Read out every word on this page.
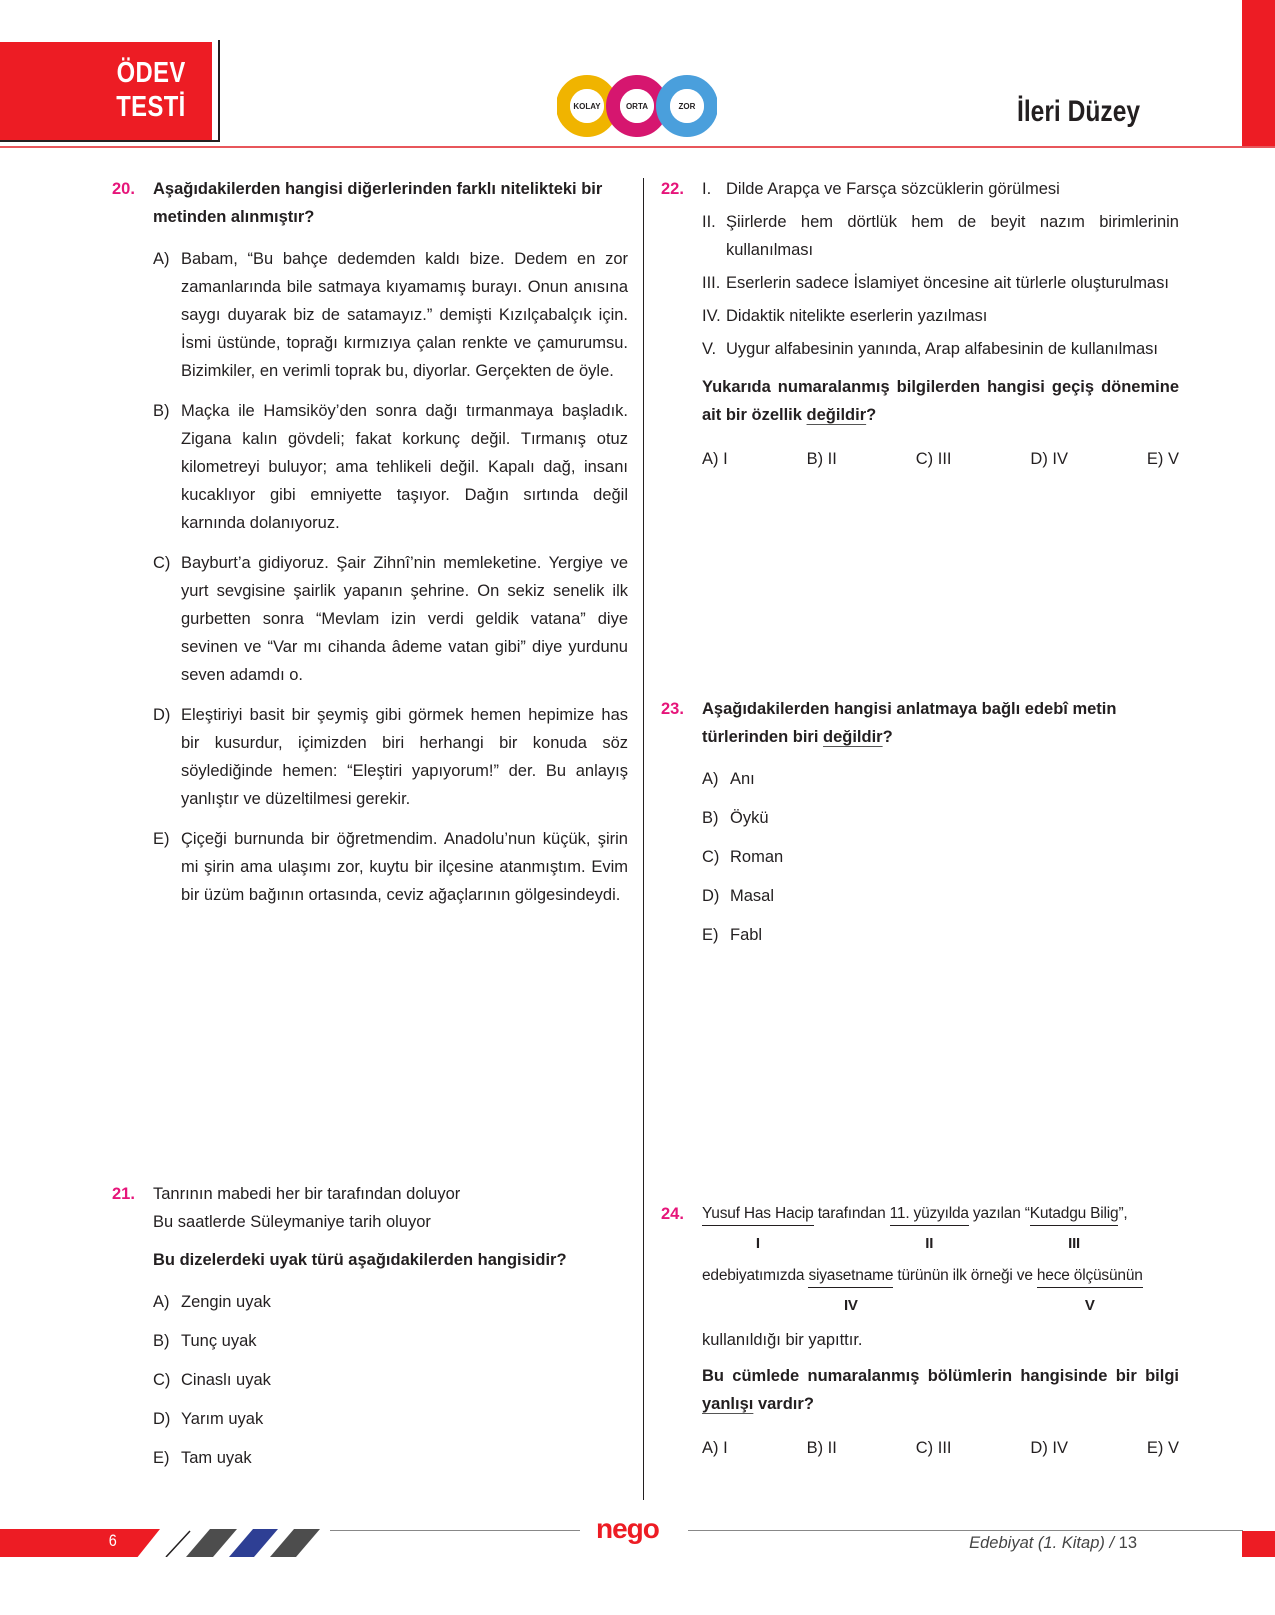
ÖDEV
TESTİ	KOLAY	ORTA	ZOR	İleri Düzey
20. Aşağıdakilerden hangisi diğerlerinden farklı nitelikteki bir metinden alınmıştır?
A) Babam, “Bu bahçe dedemden kaldı bize. Dedem en zor zamanlarında bile satmaya kıyamamış burayı. Onun anısına saygı duyarak biz de satamayız.” demişti Kızılçabalçık için. İsmi üstünde, toprağı kırmızıya çalan renkte ve çamurumsu. Bizimkiler, en verimli toprak bu, diyorlar. Gerçekten de öyle.
B) Maçka ile Hamsiköy’den sonra dağı tırmanmaya başladık. Zigana kalın gövdeli; fakat korkunç değil. Tırmanış otuz kilometreyi buluyor; ama tehlikeli değil. Kapalı dağ, insanı kucaklıyor gibi emniyette taşıyor. Dağın sırtında değil karnında dolanıyoruz.
C) Bayburt’a gidiyoruz. Şair Zihnî’nin memleketine. Yergiye ve yurt sevgisine şairlik yapanın şehrine. On sekiz senelik ilk gurbetten sonra “Mevlam izin verdi geldik vatana” diye sevinen ve “Var mı cihanda âdeme vatan gibi” diye yurdunu seven adamdı o.
D) Eleştiriyi basit bir şeymiş gibi görmek hemen hepimize has bir kusurdur, içimizden biri herhangi bir konuda söz söylediğinde hemen: “Eleştiri yapıyorum!” der. Bu anlayış yanlıştır ve düzeltilmesi gerekir.
E) Çiçeği burnunda bir öğretmendim. Anadolu’nun küçük, şirin mi şirin ama ulaşımı zor, kuytu bir ilçesine atanmıştım. Evim bir üzüm bağının ortasında, ceviz ağaçlarının gölgesindeydi.
21. Tanrının mabedi her bir tarafından doluyor
Bu saatlerde Süleymaniye tarih oluyor
Bu dizelerdeki uyak türü aşağıdakilerden hangisidir?
A) Zengin uyak
B) Tunç uyak
C) Cinaslı uyak
D) Yarım uyak
E) Tam uyak
22. I. Dilde Arapça ve Farsça sözcüklerin görülmesi
II. Şiirlerde hem dörtlük hem de beyit nazım birimlerinin kullanılması
III. Eserlerin sadece İslamiyet öncesine ait türlerle oluşturulması
IV. Didaktik nitelikte eserlerin yazılması
V. Uygur alfabesinin yanında, Arap alfabesinin de kullanılması
Yukarıda numaralanmış bilgilerden hangisi geçiş dönemine ait bir özellik değildir?
A) I	B) II	C) III	D) IV	E) V
23. Aşağıdakilerden hangisi anlatmaya bağlı edebî metin türlerinden biri değildir?
A) Anı
B) Öykü
C) Roman
D) Masal
E) Fabl
24. Yusuf Has Hacip
I
tarafından 11. yüzyılda
II
yazılan “Kutadgu Bilig
III
”,
edebiyatımızda siyasetname
IV
türünün ilk örneği ve hece ölçüsünün
V
kullanıldığı bir yapıttır.
Bu cümlede numaralanmış bölümlerin hangisinde bir bilgi yanlışı vardır?
A) I	B) II	C) III	D) IV	E) V
6	nego	Edebiyat (1. Kitap) / 13
